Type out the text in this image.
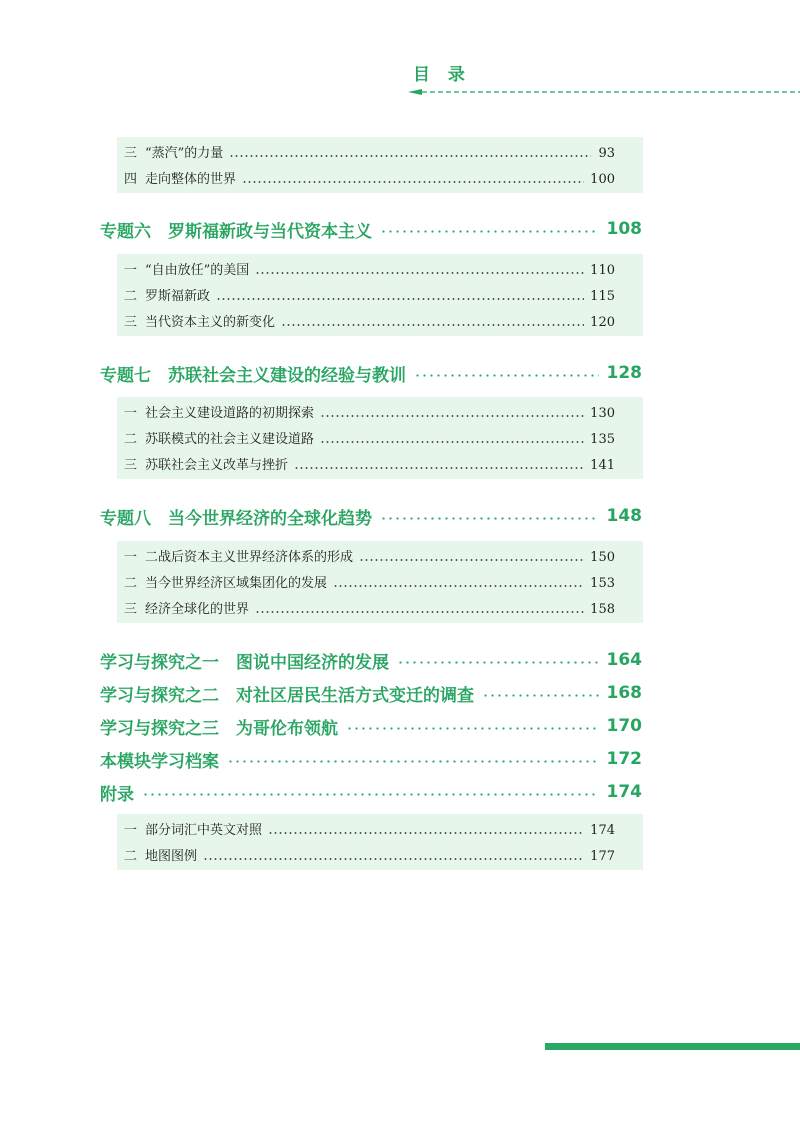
目 录
三 “蒸汽”的力量	93
四 走向整体的世界	100
专题六　罗斯福新政与当代资本主义	108
一 “自由放任”的美国	110
二 罗斯福新政	115
三 当代资本主义的新变化	120
专题七　苏联社会主义建设的经验与教训	128
一 社会主义建设道路的初期探索	130
二 苏联模式的社会主义建设道路	135
三 苏联社会主义改革与挫折	141
专题八　当今世界经济的全球化趋势	148
一 二战后资本主义世界经济体系的形成	150
二 当今世界经济区域集团化的发展	153
三 经济全球化的世界	158
学习与探究之一　图说中国经济的发展	164
学习与探究之二　对社区居民生活方式变迁的调查	168
学习与探究之三　为哥伦布领航	170
本模块学习档案	172
附录	174
一 部分词汇中英文对照	174
二 地图图例	177
